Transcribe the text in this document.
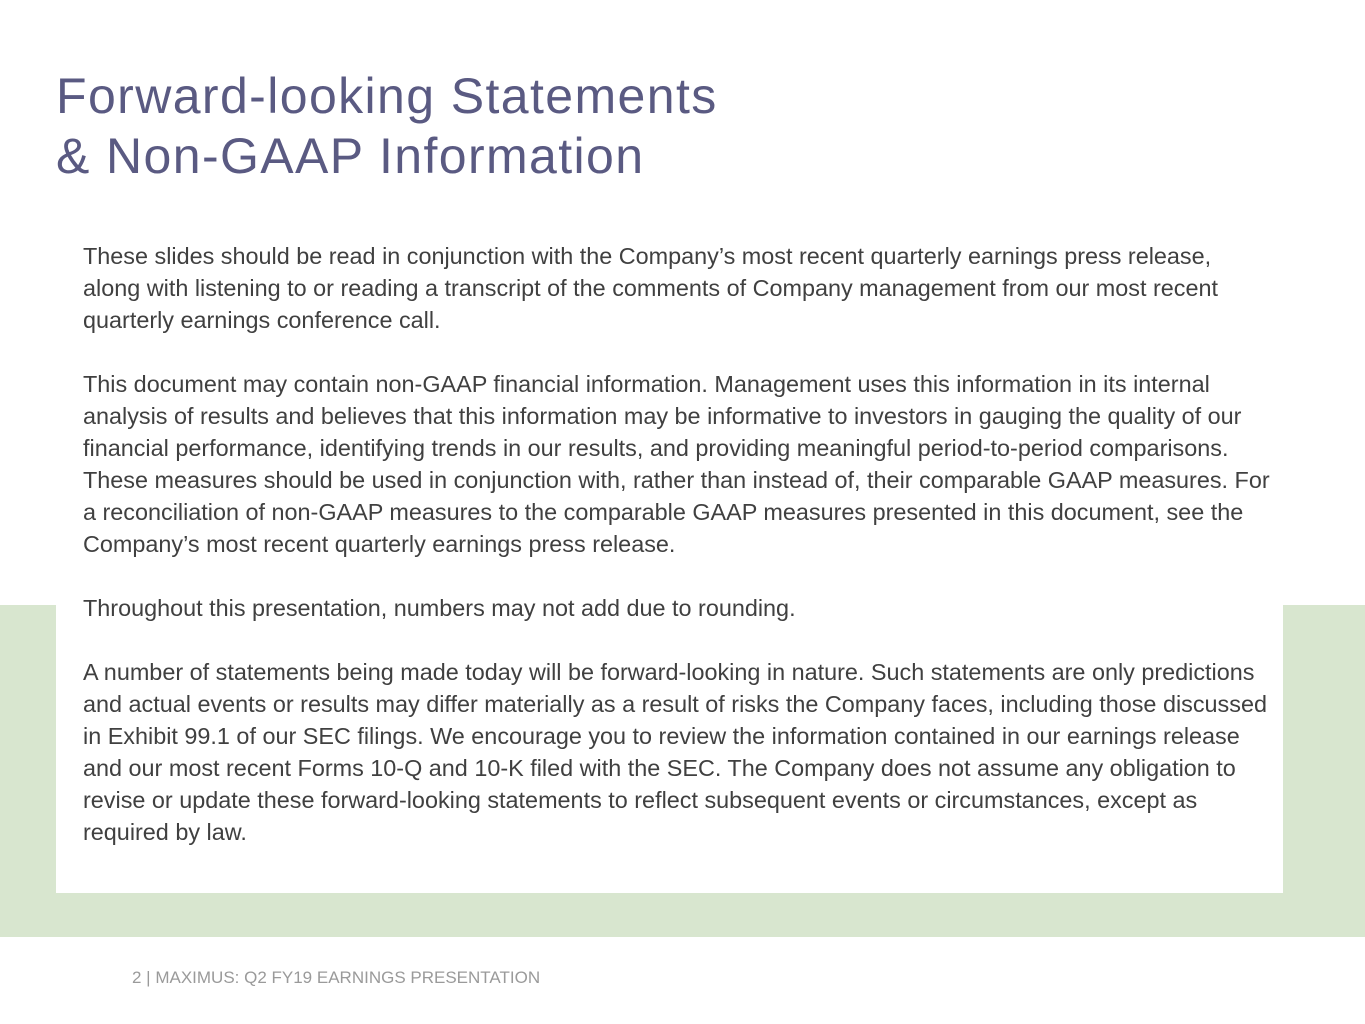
Forward-looking Statements
& Non-GAAP Information

These slides should be read in conjunction with the Company’s most recent quarterly earnings press release, along with listening to or reading a transcript of the comments of Company management from our most recent quarterly earnings conference call.

This document may contain non-GAAP financial information. Management uses this information in its internal analysis of results and believes that this information may be informative to investors in gauging the quality of our financial performance, identifying trends in our results, and providing meaningful period-to-period comparisons. These measures should be used in conjunction with, rather than instead of, their comparable GAAP measures. For a reconciliation of non-GAAP measures to the comparable GAAP measures presented in this document, see the Company’s most recent quarterly earnings press release.

Throughout this presentation, numbers may not add due to rounding.

A number of statements being made today will be forward-looking in nature. Such statements are only predictions and actual events or results may differ materially as a result of risks the Company faces, including those discussed in Exhibit 99.1 of our SEC filings. We encourage you to review the information contained in our earnings release and our most recent Forms 10-Q and 10-K filed with the SEC. The Company does not assume any obligation to revise or update these forward-looking statements to reflect subsequent events or circumstances, except as required by law.

2 | MAXIMUS: Q2 FY19 EARNINGS PRESENTATION
